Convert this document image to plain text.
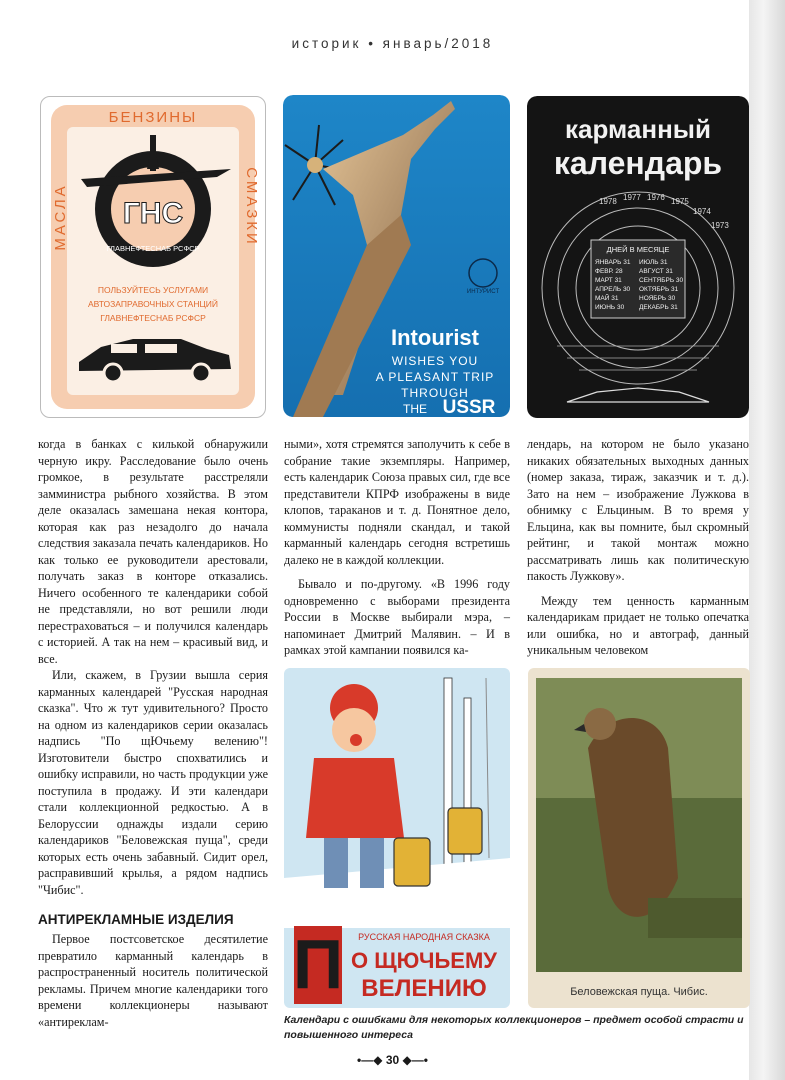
историк • январь/2018
БЕНЗИНЫ
МАСЛА	СМАЗКИ
ГНС
ГЛАВНЕФТЕСНАБ РСФСР
ПОЛЬЗУЙТЕСЬ УСЛУГАМИ
АВТОЗАПРАВОЧНЫХ СТАНЦИЙ
ГЛАВНЕФТЕСНАБ РСФСР
Intourist
ИНТУРИСТ
WISHES YOU
A PLEASANT TRIP
THROUGH
THE USSR
карманный
календарь
1978 1977 1976 1975
1974
1973
ДНЕЙ В МЕСЯЦЕ
ЯНВАРЬ 31
ФЕВР. 28
МАРТ 31
АПРЕЛЬ 30
МАЙ 31
ИЮНЬ 30
ИЮЛЬ 31
АВГУСТ 31
СЕНТЯБРЬ 30
ОКТЯБРЬ 31
НОЯБРЬ 30
ДЕКАБРЬ 31

когда в банках с килькой обнаружили черную икру. Расследование было очень громкое, в результате расстреляли замминистра рыбного хозяйства. В этом деле оказалась замешана некая контора, которая как раз незадолго до начала следствия заказала печать календариков. Но как только ее руководители арестовали, получать заказ в конторе отказались. Ничего особенного те календарики собой не представляли, но вот решили люди перестраховаться – и получился календарь с историей. А так на нем – красивый вид, и все.

Или, скажем, в Грузии вышла серия карманных календарей "Русская народная сказка". Что ж тут удивительного? Просто на одном из календариков серии оказалась надпись "По щЮчьему велению"! Изготовители быстро спохватились и ошибку исправили, но часть продукции уже поступила в продажу. И эти календари стали коллекционной редкостью. А в Белоруссии однажды издали серию календариков "Беловежская пуща", среди которых есть очень забавный. Сидит орел, расправивший крылья, а рядом надпись "Чибис".

АНТИРЕКЛАМНЫЕ ИЗДЕЛИЯ

Первое постсоветское десятилетие превратило карманный календарь в распространенный носитель политической рекламы. Причем многие календарики того времени коллекционеры называют «антиреклам-

ными», хотя стремятся заполучить к себе в собрание такие экземпляры. Например, есть календарик Союза правых сил, где все представители КПРФ изображены в виде клопов, тараканов и т. д. Понятное дело, коммунисты подняли скандал, и такой карманный календарь сегодня встретишь далеко не в каждой коллекции.

Бывало и по-другому. «В 1996 году одновременно с выборами президента России в Москве выбирали мэра, – напоминает Дмитрий Малявин. – И в рамках этой кампании появился ка-

лендарь, на котором не было указано никаких обязательных выходных данных (номер заказа, тираж, заказчик и т. д.). Зато на нем – изображение Лужкова в обнимку с Ельциным. В то время у Ельцина, как вы помните, был скромный рейтинг, и такой монтаж можно рассматривать лишь как политическую пакость Лужкову».

Между тем ценность карманным календарикам придает не только опечатка или ошибка, но и автограф, данный уникальным человеком

П РУССКАЯ НАРОДНАЯ СКАЗКА
О ЩЮЧЬЕМУ
ВЕЛЕНИЮ	Беловежская пуща. Чибис.
Календари с ошибками для некоторых коллекционеров – предмет особой страсти и повышенного интереса
•—◆ 30 ◆—•
